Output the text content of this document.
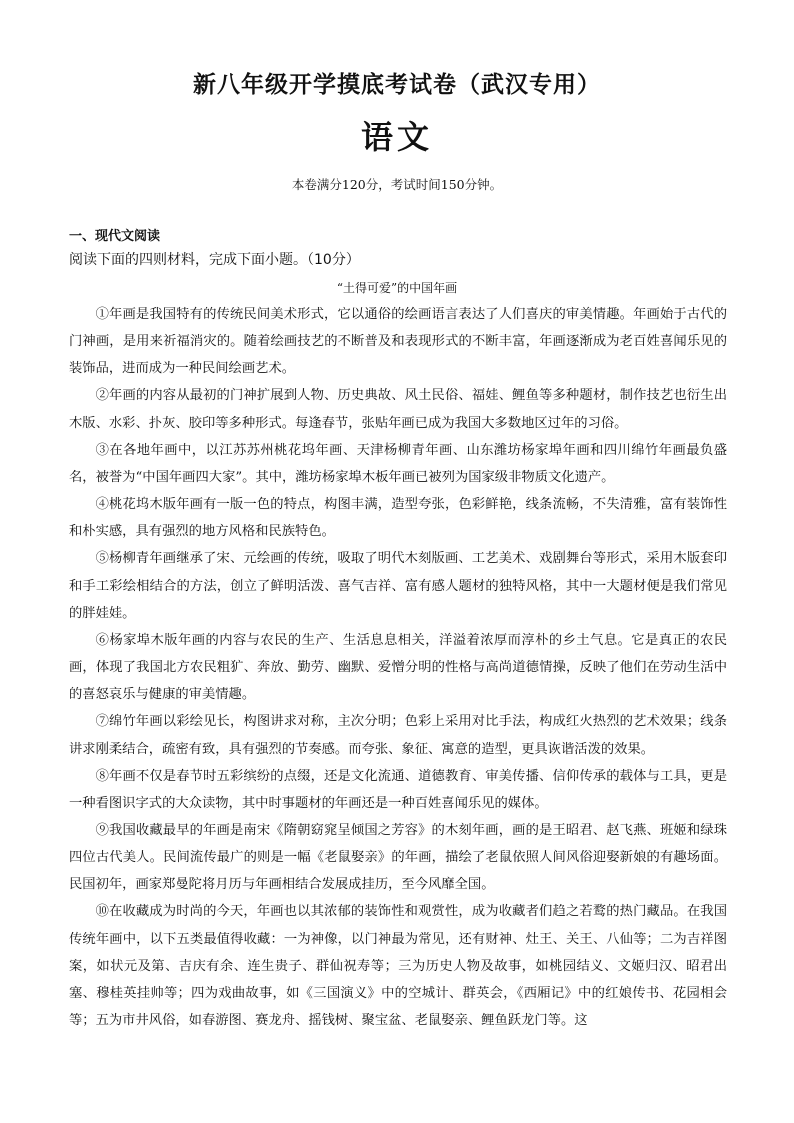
新八年级开学摸底考试卷（武汉专用）
语文
本卷满分120分，考试时间150分钟。
一、现代文阅读
阅读下面的四则材料，完成下面小题。（10分）
“土得可爱”的中国年画

①年画是我国特有的传统民间美术形式，它以通俗的绘画语言表达了人们喜庆的审美情趣。年画始于古代的门神画，是用来祈福消灾的。随着绘画技艺的不断普及和表现形式的不断丰富，年画逐渐成为老百姓喜闻乐见的装饰品，进而成为一种民间绘画艺术。

②年画的内容从最初的门神扩展到人物、历史典故、风土民俗、福娃、鲤鱼等多种题材，制作技艺也衍生出木版、水彩、扑灰、胶印等多种形式。每逢春节，张贴年画已成为我国大多数地区过年的习俗。

③在各地年画中，以江苏苏州桃花坞年画、天津杨柳青年画、山东潍坊杨家埠年画和四川绵竹年画最负盛名，被誉为“中国年画四大家”。其中，潍坊杨家埠木板年画已被列为国家级非物质文化遗产。

④桃花坞木版年画有一版一色的特点，构图丰满，造型夸张，色彩鲜艳，线条流畅，不失清雅，富有装饰性和朴实感，具有强烈的地方风格和民族特色。

⑤杨柳青年画继承了宋、元绘画的传统，吸取了明代木刻版画、工艺美术、戏剧舞台等形式，采用木版套印和手工彩绘相结合的方法，创立了鲜明活泼、喜气吉祥、富有感人题材的独特风格，其中一大题材便是我们常见的胖娃娃。

⑥杨家埠木版年画的内容与农民的生产、生活息息相关，洋溢着浓厚而淳朴的乡土气息。它是真正的农民画，体现了我国北方农民粗犷、奔放、勤劳、幽默、爱憎分明的性格与高尚道德情操，反映了他们在劳动生活中的喜怒哀乐与健康的审美情趣。

⑦绵竹年画以彩绘见长，构图讲求对称，主次分明；色彩上采用对比手法，构成红火热烈的艺术效果；线条讲求刚柔结合，疏密有致，具有强烈的节奏感。而夸张、象征、寓意的造型，更具诙谐活泼的效果。

⑧年画不仅是春节时五彩缤纷的点缀，还是文化流通、道德教育、审美传播、信仰传承的载体与工具，更是一种看图识字式的大众读物，其中时事题材的年画还是一种百姓喜闻乐见的媒体。

⑨我国收藏最早的年画是南宋《隋朝窈窕呈倾国之芳容》的木刻年画，画的是王昭君、赵飞燕、班姬和绿珠四位古代美人。民间流传最广的则是一幅《老鼠娶亲》的年画，描绘了老鼠依照人间风俗迎娶新娘的有趣场面。民国初年，画家郑曼陀将月历与年画相结合发展成挂历，至今风靡全国。

⑩在收藏成为时尚的今天，年画也以其浓郁的装饰性和观赏性，成为收藏者们趋之若鹜的热门藏品。在我国传统年画中，以下五类最值得收藏：一为神像，以门神最为常见，还有财神、灶王、关王、八仙等；二为吉祥图案，如状元及第、吉庆有余、连生贵子、群仙祝寿等；三为历史人物及故事，如桃园结义、文姬归汉、昭君出塞、穆桂英挂帅等；四为戏曲故事，如《三国演义》中的空城计、群英会，《西厢记》中的红娘传书、花园相会等；五为市井风俗，如春游图、赛龙舟、摇钱树、聚宝盆、老鼠娶亲、鲤鱼跃龙门等。这
